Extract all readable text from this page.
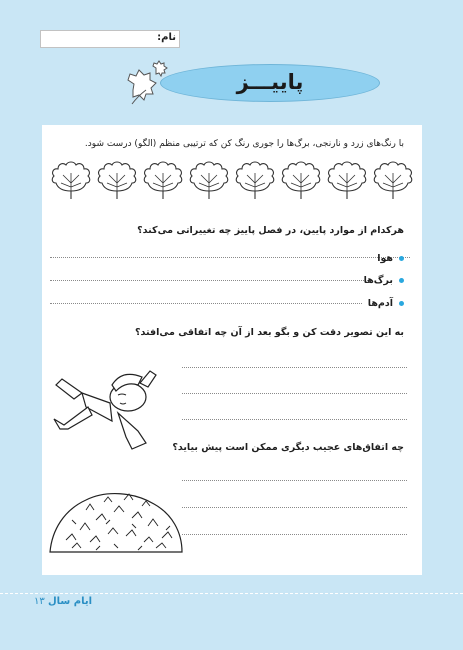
نام:
پاییـــز
با رنگ‌های زرد و نارنجی، برگ‌ها را جوری رنگ کن که ترتیبی منظم (الگو) درست شود.
هرکدام از موارد پایین، در فصل پاییز چه تغییراتی می‌کند؟
هوا
برگ‌ها
آدم‌ها
به این تصویر دقت کن و بگو بعد از آن چه اتفاقی می‌افتد؟
چه اتفاق‌های عجیب دیگری ممکن است پیش بیاید؟
۱۳ ایام سال
